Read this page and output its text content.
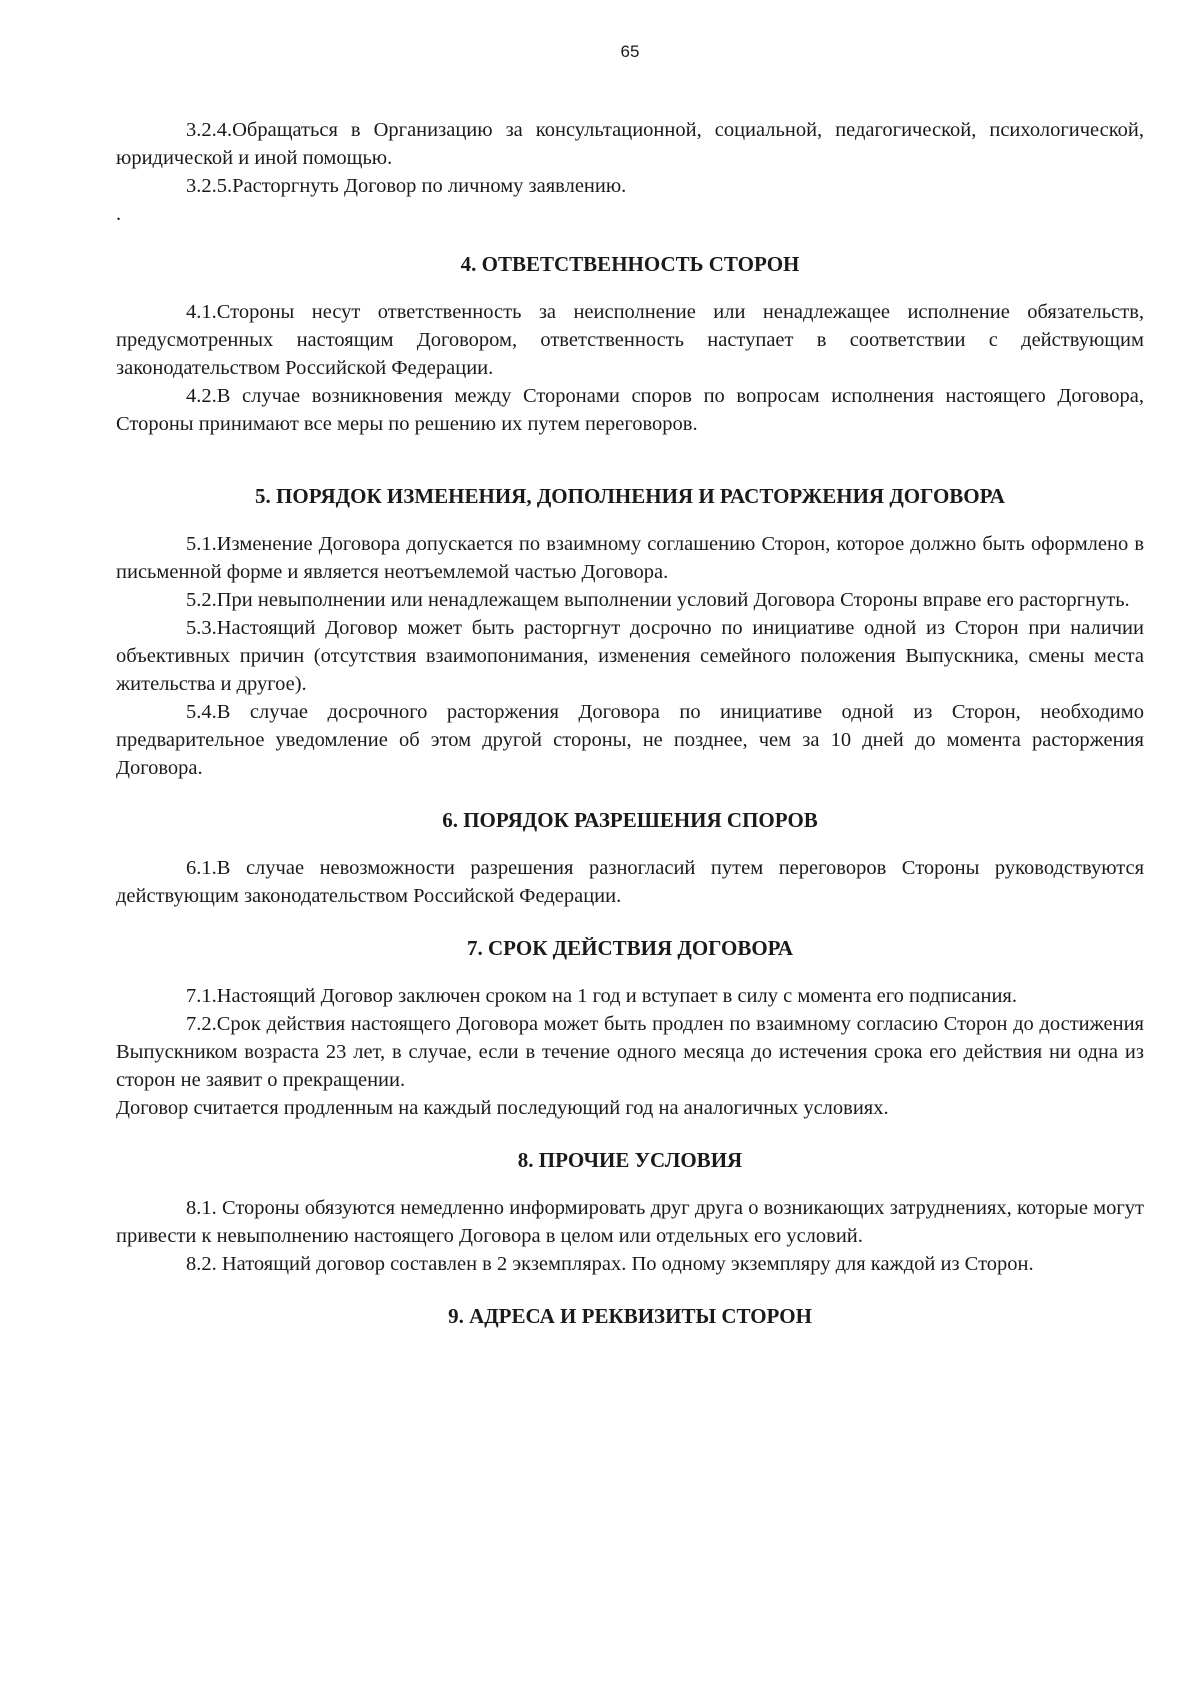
65

3.2.4.Обращаться в Организацию за консультационной, социальной, педагогической, психологической, юридической и иной помощью.

3.2.5.Расторгнуть Договор по личному заявлению.

.

4. ОТВЕТСТВЕННОСТЬ СТОРОН

4.1.Стороны несут ответственность за неисполнение или ненадлежащее исполнение обязательств, предусмотренных настоящим Договором, ответственность наступает в соответствии с действующим законодательством Российской Федерации.

4.2.В случае возникновения между Сторонами споров по вопросам исполнения настоящего Договора, Стороны принимают все меры по решению их путем переговоров.

5. ПОРЯДОК ИЗМЕНЕНИЯ, ДОПОЛНЕНИЯ И РАСТОРЖЕНИЯ ДОГОВОРА

5.1.Изменение Договора допускается по взаимному соглашению Сторон, которое должно быть оформлено в письменной форме и является неотъемлемой частью Договора.

5.2.При невыполнении или ненадлежащем выполнении условий Договора Стороны вправе его расторгнуть.

5.3.Настоящий Договор может быть расторгнут досрочно по инициативе одной из Сторон при наличии объективных причин (отсутствия взаимопонимания, изменения семейного положения Выпускника, смены места жительства и другое).

5.4.В случае досрочного расторжения Договора по инициативе одной из Сторон, необходимо предварительное уведомление об этом другой стороны, не позднее, чем за 10 дней до момента расторжения Договора.

6. ПОРЯДОК РАЗРЕШЕНИЯ СПОРОВ

6.1.В случае невозможности разрешения разногласий путем переговоров Стороны руководствуются действующим законодательством Российской Федерации.

7. СРОК ДЕЙСТВИЯ ДОГОВОРА

7.1.Настоящий Договор заключен сроком на 1 год и вступает в силу с момента его подписания.

7.2.Срок действия настоящего Договора может быть продлен по взаимному согласию Сторон до достижения Выпускником возраста 23 лет, в случае, если в течение одного месяца до истечения срока его действия ни одна из сторон не заявит о прекращении.

Договор считается продленным на каждый последующий год на аналогичных условиях.

8. ПРОЧИЕ УСЛОВИЯ

8.1. Стороны обязуются немедленно информировать друг друга о возникающих затруднениях, которые могут привести к невыполнению настоящего Договора в целом или отдельных его условий.

8.2. Натоящий договор составлен в 2 экземплярах. По одному экземпляру для каждой из Сторон.

9. АДРЕСА И РЕКВИЗИТЫ СТОРОН
